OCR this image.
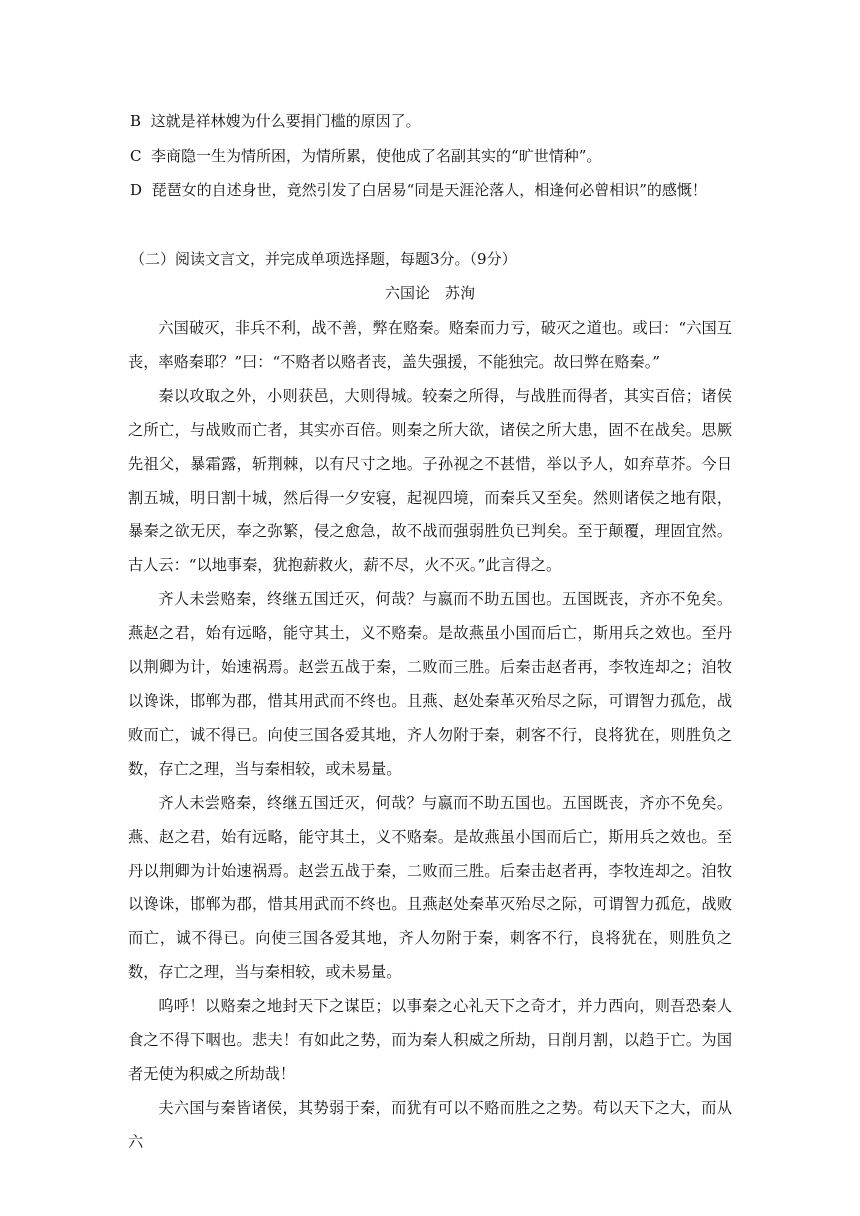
B 这就是祥林嫂为什么要捐门槛的原因了。
C 李商隐一生为情所困，为情所累，使他成了名副其实的“旷世情种”。
D 琵琶女的自述身世，竟然引发了白居易“同是天涯沦落人，相逢何必曾相识”的感慨！
（二）阅读文言文，并完成单项选择题，每题3分。（9分）
六国论　苏洵

六国破灭，非兵不利，战不善，弊在赂秦。赂秦而力亏，破灭之道也。或曰：“六国互丧，率赂秦耶？”曰：“不赂者以赂者丧，盖失强援，不能独完。故曰弊在赂秦。”

秦以攻取之外，小则获邑，大则得城。较秦之所得，与战胜而得者，其实百倍；诸侯之所亡，与战败而亡者，其实亦百倍。则秦之所大欲，诸侯之所大患，固不在战矣。思厥先祖父，暴霜露，斩荆棘，以有尺寸之地。子孙视之不甚惜，举以予人，如弃草芥。今日割五城，明日割十城，然后得一夕安寝，起视四境，而秦兵又至矣。然则诸侯之地有限，暴秦之欲无厌，奉之弥繁，侵之愈急，故不战而强弱胜负已判矣。至于颠覆，理固宜然。古人云：“以地事秦，犹抱薪救火，薪不尽，火不灭。”此言得之。

齐人未尝赂秦，终继五国迁灭，何哉？与嬴而不助五国也。五国既丧，齐亦不免矣。燕赵之君，始有远略，能守其土，义不赂秦。是故燕虽小国而后亡，斯用兵之效也。至丹以荆卿为计，始速祸焉。赵尝五战于秦，二败而三胜。后秦击赵者再，李牧连却之；洎牧以谗诛，邯郸为郡，惜其用武而不终也。且燕、赵处秦革灭殆尽之际，可谓智力孤危，战败而亡，诚不得已。向使三国各爱其地，齐人勿附于秦，刺客不行，良将犹在，则胜负之数，存亡之理，当与秦相较，或未易量。

齐人未尝赂秦，终继五国迁灭，何哉？与嬴而不助五国也。五国既丧，齐亦不免矣。燕、赵之君，始有远略，能守其土，义不赂秦。是故燕虽小国而后亡，斯用兵之效也。至丹以荆卿为计始速祸焉。赵尝五战于秦，二败而三胜。后秦击赵者再，李牧连却之。洎牧以谗诛，邯郸为郡，惜其用武而不终也。且燕赵处秦革灭殆尽之际，可谓智力孤危，战败而亡，诚不得已。向使三国各爱其地，齐人勿附于秦，刺客不行，良将犹在，则胜负之数，存亡之理，当与秦相较，或未易量。

呜呼！以赂秦之地封天下之谋臣；以事秦之心礼天下之奇才，并力西向，则吾恐秦人食之不得下咽也。悲夫！有如此之势，而为秦人积威之所劫，日削月割，以趋于亡。为国者无使为积威之所劫哉！

夫六国与秦皆诸侯，其势弱于秦，而犹有可以不赂而胜之之势。苟以天下之大，而从六
